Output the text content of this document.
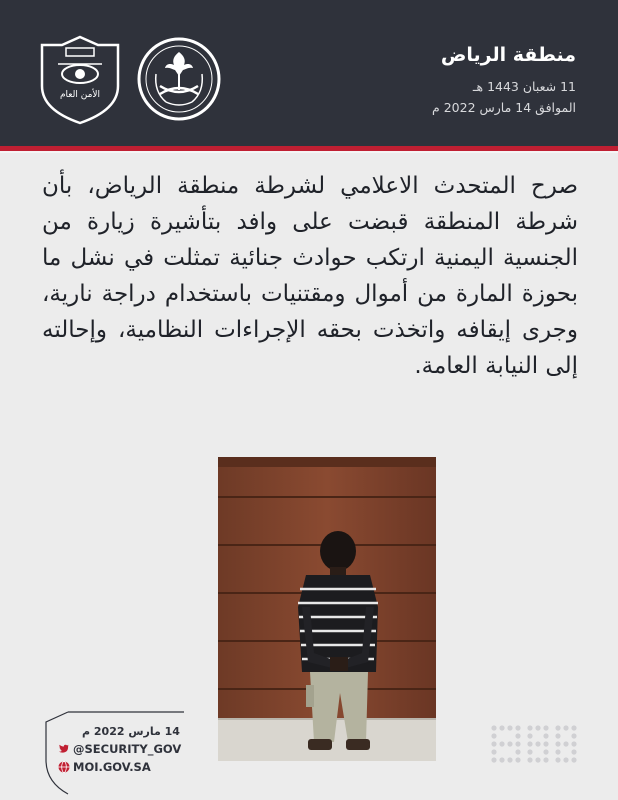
منطقة الرياض
11 شعبان 1443 هـ
الموافق 14 مارس 2022 م
الأمن العام
صرح المتحدث الاعلامي لشرطة منطقة الرياض، بأن شرطة المنطقة قبضت على وافد بتأشيرة زيارة من الجنسية اليمنية ارتكب حوادث جنائية تمثلت في نشل ما بحوزة المارة من أموال ومقتنيات باستخدام دراجة نارية، وجرى إيقافه واتخذت بحقه الإجراءات النظامية، وإحالته إلى النيابة العامة.
14 مارس 2022 م
@SECURITY_GOV
MOI.GOV.SA
